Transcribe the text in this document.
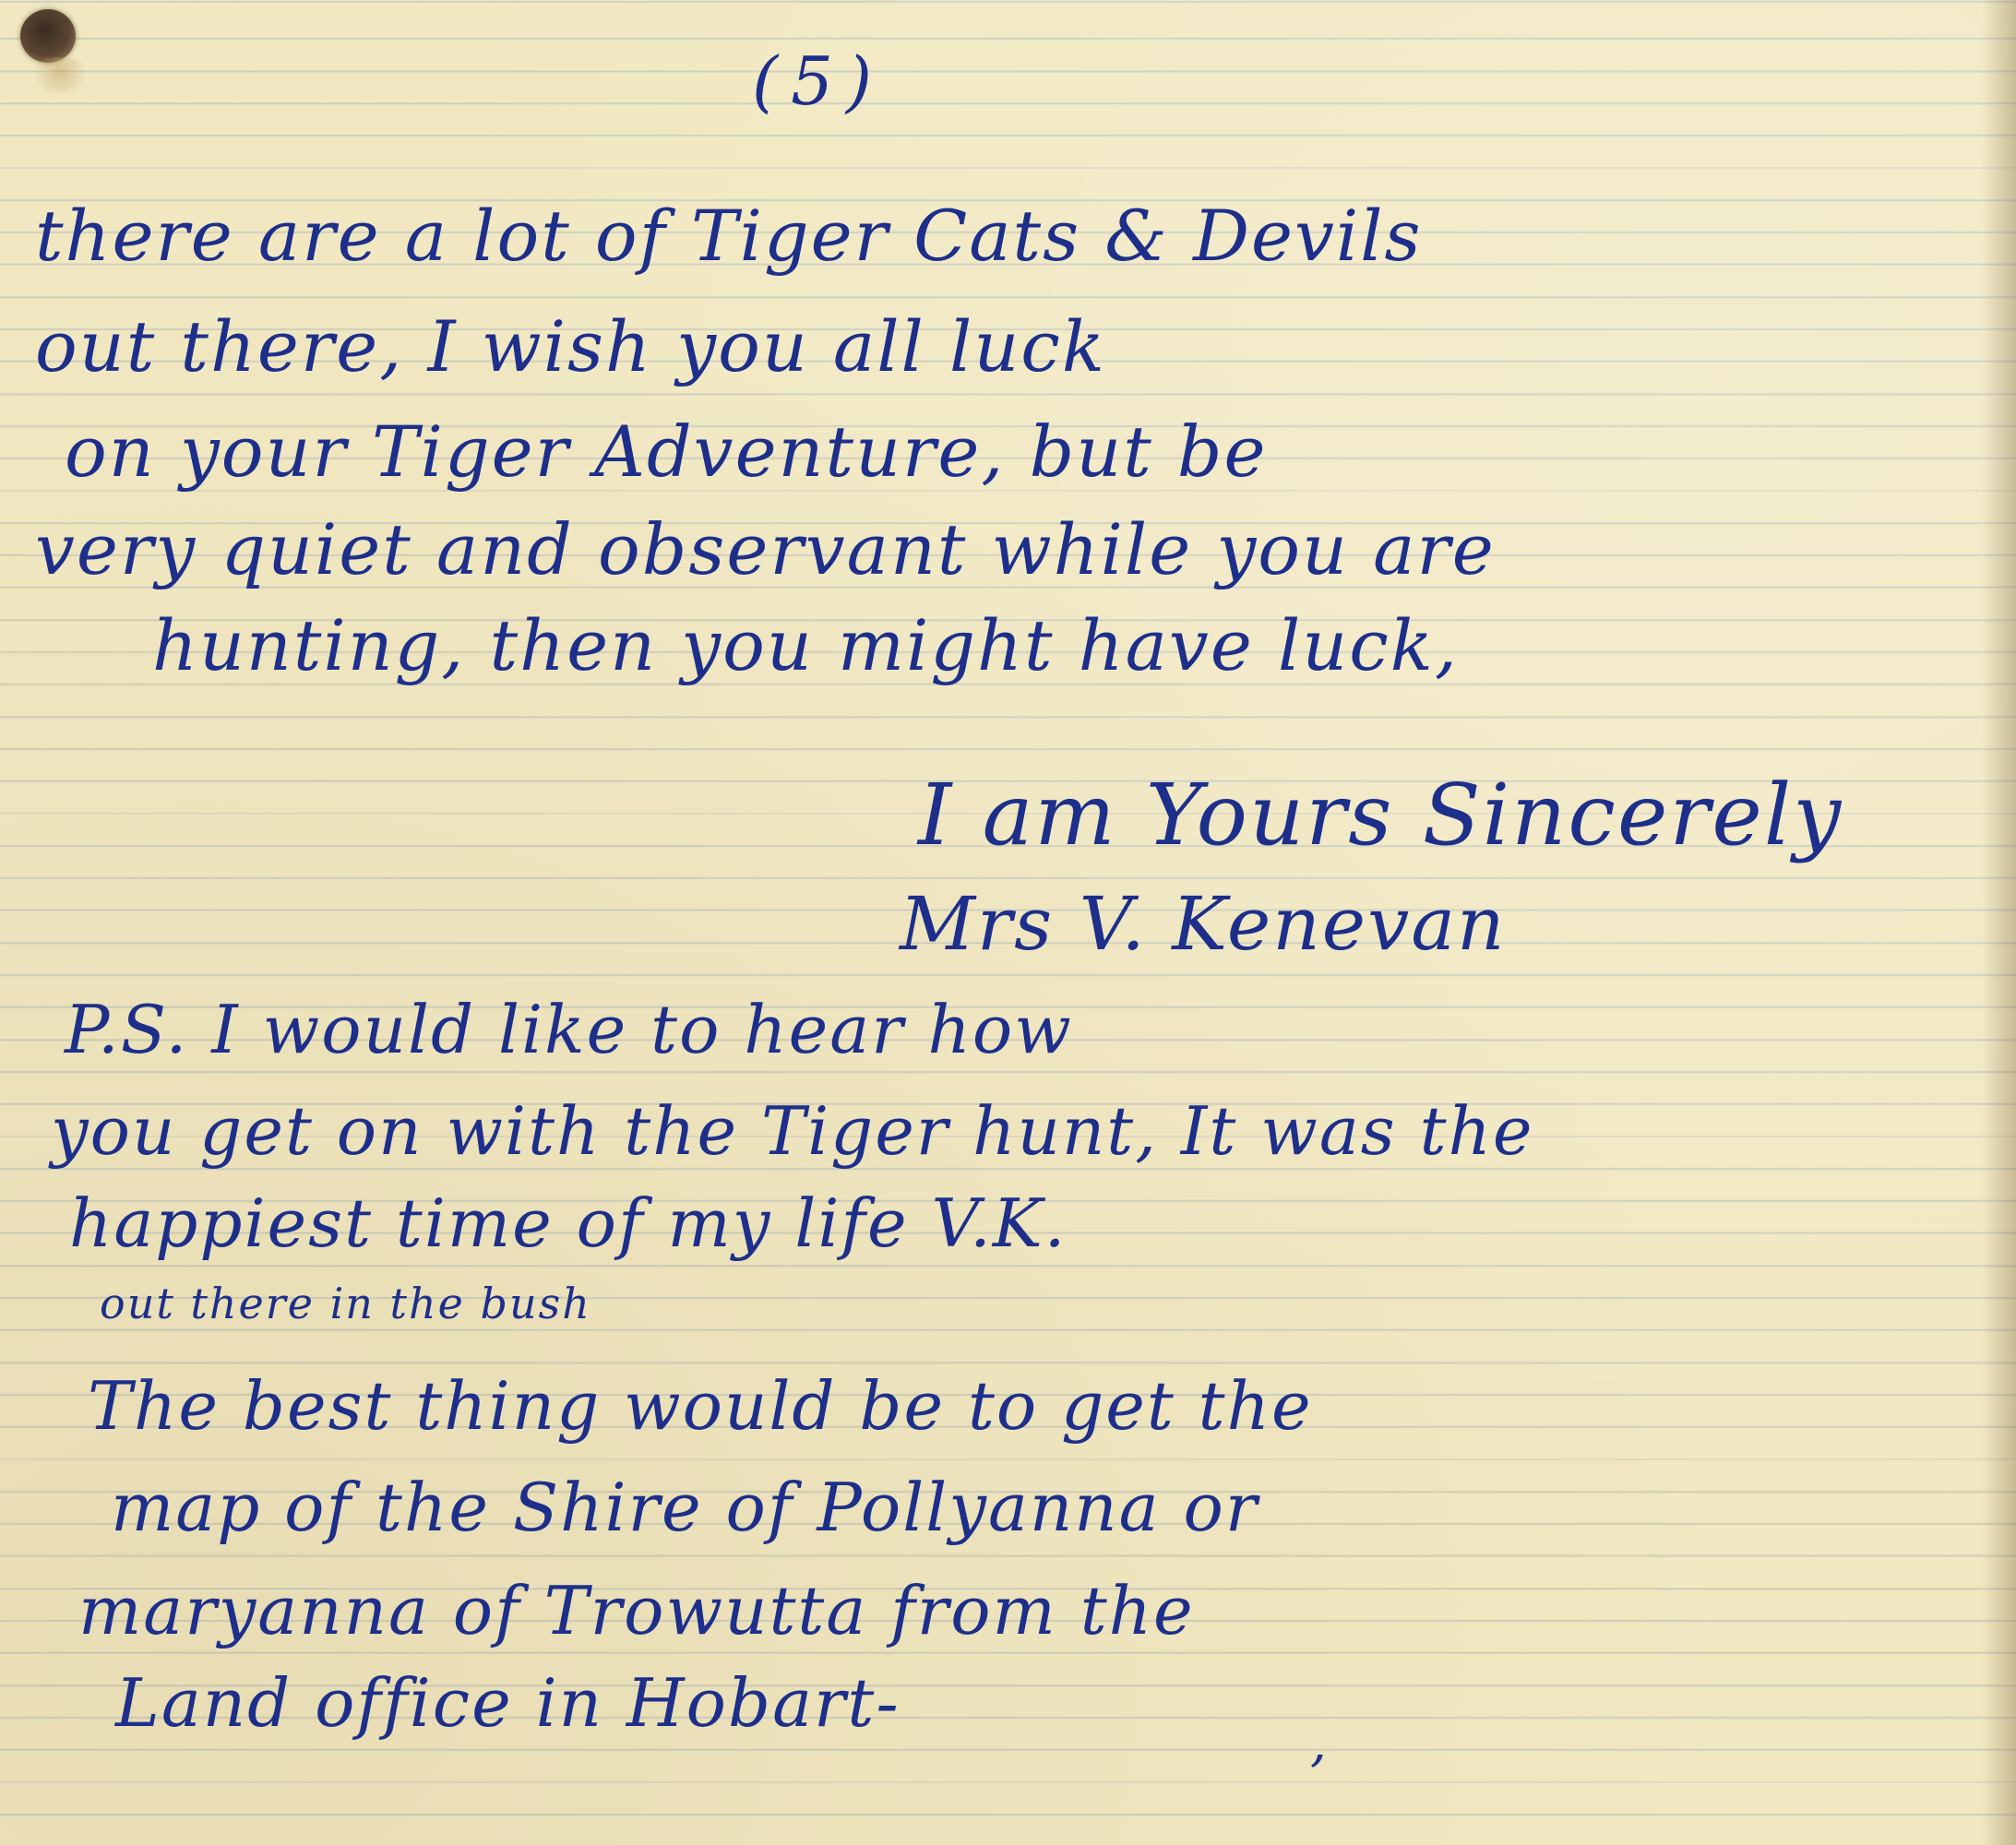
(5)

there are a lot of Tiger Cats & Devils

out there, I wish you all luck

on your Tiger Adventure, but be

very quiet and observant while you are

hunting, then you might have luck,

I am Yours Sincerely

Mrs V. Kenevan

P.S. I would like to hear how

you get on with the Tiger hunt, It was the

happiest time of my life V.K.

out there in the bush

The best thing would be to get the

map of the Shire of Pollyanna or

maryanna of Trowutta from the

Land office in Hobart-

,
